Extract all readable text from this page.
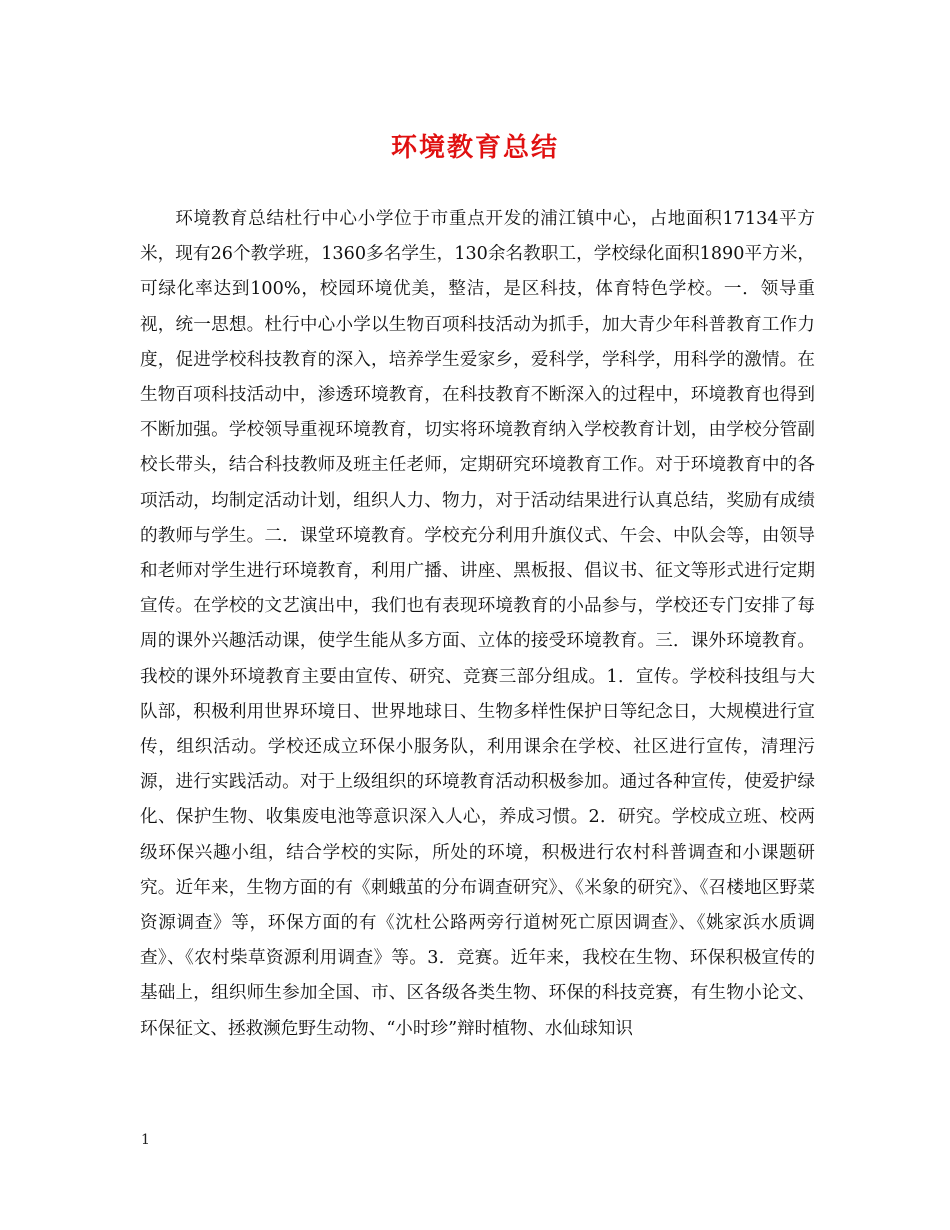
环境教育总结

环境教育总结杜行中心小学位于市重点开发的浦江镇中心，占地面积17134平方米，现有26个教学班，1360多名学生，130余名教职工，学校绿化面积1890平方米，可绿化率达到100%，校园环境优美，整洁，是区科技，体育特色学校。一．领导重视，统一思想。杜行中心小学以生物百项科技活动为抓手，加大青少年科普教育工作力度，促进学校科技教育的深入，培养学生爱家乡，爱科学，学科学，用科学的激情。在生物百项科技活动中，渗透环境教育，在科技教育不断深入的过程中，环境教育也得到不断加强。学校领导重视环境教育，切实将环境教育纳入学校教育计划，由学校分管副校长带头，结合科技教师及班主任老师，定期研究环境教育工作。对于环境教育中的各项活动，均制定活动计划，组织人力、物力，对于活动结果进行认真总结，奖励有成绩的教师与学生。二．课堂环境教育。学校充分利用升旗仪式、午会、中队会等，由领导和老师对学生进行环境教育，利用广播、讲座、黑板报、倡议书、征文等形式进行定期宣传。在学校的文艺演出中，我们也有表现环境教育的小品参与，学校还专门安排了每周的课外兴趣活动课，使学生能从多方面、立体的接受环境教育。三．课外环境教育。我校的课外环境教育主要由宣传、研究、竞赛三部分组成。1．宣传。学校科技组与大队部，积极利用世界环境日、世界地球日、生物多样性保护日等纪念日，大规模进行宣传，组织活动。学校还成立环保小服务队，利用课余在学校、社区进行宣传，清理污源，进行实践活动。对于上级组织的环境教育活动积极参加。通过各种宣传，使爱护绿化、保护生物、收集废电池等意识深入人心，养成习惯。2．研究。学校成立班、校两级环保兴趣小组，结合学校的实际，所处的环境，积极进行农村科普调查和小课题研究。近年来，生物方面的有《刺蛾茧的分布调查研究》、《米象的研究》、《召楼地区野菜资源调查》等，环保方面的有《沈杜公路两旁行道树死亡原因调查》、《姚家浜水质调查》、《农村柴草资源利用调查》等。3．竞赛。近年来，我校在生物、环保积极宣传的基础上，组织师生参加全国、市、区各级各类生物、环保的科技竞赛，有生物小论文、环保征文、拯救濒危野生动物、“小时珍”辩时植物、水仙球知识

1
